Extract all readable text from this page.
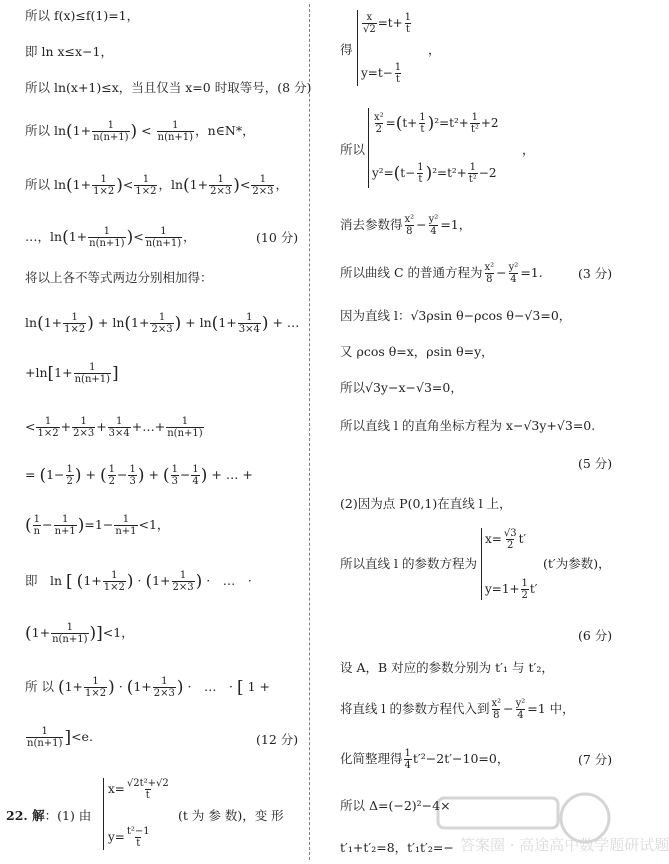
所以 f(x)≤f(1)=1，
即 ln x≤x−1，
所以 ln(x+1)≤x，当且仅当 x=0 时取等号，(8 分)
所以 $\ln(1+ \frac{1}{n(n+1)}$ ) < $\frac{1}{n(n+1)}$ ，n∈N*，
所以 $\ln(1+ \frac{1}{1\times 2}$ )< $\frac{1}{1\times 2}$ ，$\ln(1+ \frac{1}{2\times 3}$ )< $\frac{1}{2\times 3}$ ，
…，$\ln(1+ \frac{1}{n(n+1)}$ )< $\frac{1}{n(n+1)}$ ，	(10 分)
将以上各不等式两边分别相加得：
$\ln(1+ \frac{1}{1\times 2}$ ) + $\ln(1+ \frac{1}{2\times 3}$ ) + $\ln(1+ \frac{1}{3\times 4}$ ) + …
$+\ln[1+ \frac{1}{n(n+1)}$ ]
< $\frac{1}{1\times 2} + \frac{1}{2\times 3} + \frac{1}{3\times 4}$ +…+ $\frac{1}{n(n+1)}$
= ($1- \frac{1}{2}$ ) + ( $\frac{1}{2} - \frac{1}{3}$ ) + ( $\frac{1}{3} - \frac{1}{4}$ ) + … +
( $\frac{1}{n} - \frac{1}{n+1} )=1- \frac{1}{n+1} <1$，
即　ln [ ($1+ \frac{1}{1\times 2}$ ) · ($1+ \frac{1}{2\times 3}$ ) ·　…　·
$(1+ \frac{1}{n(n+1)} )]<1$，
所 以 ($1+ \frac{1}{1\times 2}$ ) · ($1+ \frac{1}{2\times 3}$ ) ·　…　· [ 1 +
$\frac{1}{n(n+1)} ]<e$.	(12 分)
22. 解：(1) 由
$x= \frac{\text{√2t²+√2}}{t}$
$y= \frac{\text{t²−1}}{t}$
(t 为 参 数)，变 形
得
$\frac{x}{√2} =t+ \frac{1}{t}$
$y=t- \frac{1}{t}$
，
所以
$\frac{\text{x²}}{2} =(t+ \frac{1}{t} )^2=t^2+ \frac{1}{\text{t²}} +2$
$y^2=(t- \frac{1}{t} )^2=t^2+ \frac{1}{\text{t²}} -2$
，
消去参数得 $\frac{\text{x²}}{8} - \frac{\text{y²}}{4} =1$，
所以曲线 C 的普通方程为 $\frac{\text{x²}}{8} - \frac{\text{y²}}{4} =1$.	(3 分)
因为直线 l：√3ρsin θ−ρcos θ−√3=0，
又 ρcos θ=x，ρsin θ=y，
所以√3y−x−√3=0，
所以直线 l 的直角坐标方程为 x−√3y+√3=0.
(5 分)
(2)因为点 P(0,1)在直线 l 上，
所以直线 l 的参数方程为
$x= \frac{√3}{2} t'$
$y=1+ \frac{1}{2} t'$
(t′为参数)，
(6 分)
设 A，B 对应的参数分别为 t′₁ 与 t′₂，
将直线 l 的参数方程代入到 $\frac{\text{x²}}{8} - \frac{\text{y²}}{4} =1$ 中，
化简整理得 $\frac{1}{4} t'^2-2t'-10=0$，	(7 分)
所以 Δ=(−2)²−4×
t′₁+t′₂=8，t′₁t′₂=− 答案圈 · 高途高中数学题研试题
